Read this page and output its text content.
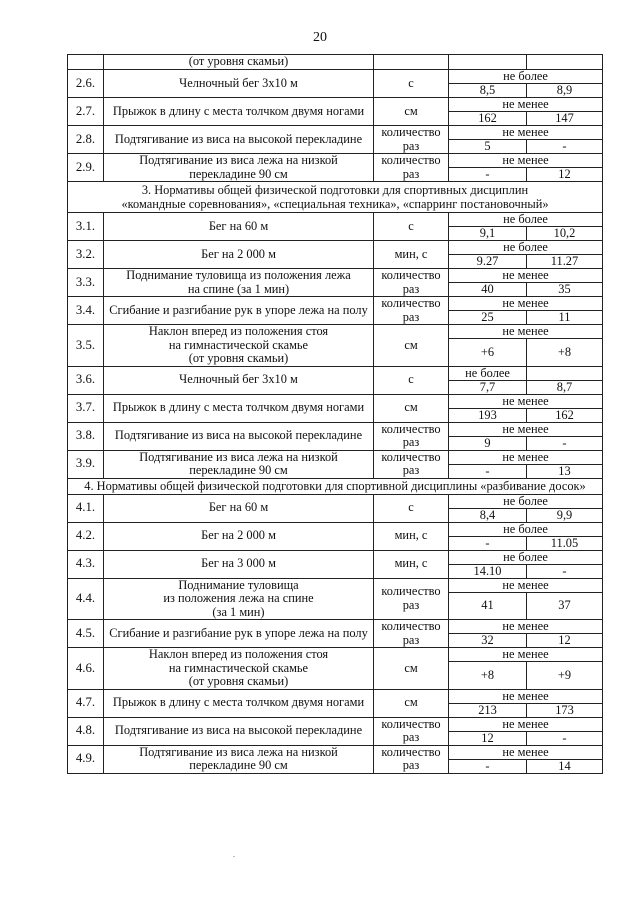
20
	(от уровня скамьи)			
2.6.	Челночный бег 3х10 м	с	не более	
			8,5	8,9
2.7.	Прыжок в длину с места толчком двумя ногами	см	не менее	
			162	147
2.8.	Подтягивание из виса на высокой перекладине	количество
раз	не менее	
			5	-
2.9.	Подтягивание из виса лежа на низкой
перекладине 90 см	количество
раз	не менее	
			-	12

3. Нормативы общей физической подготовки для спортивных дисциплин
«командные соревнования», «специальная техника», «спарринг постановочный»				

3.1.	Бег на 60 м	с	не более	
			9,1	10,2
3.2.	Бег на 2 000 м	мин, с	не более	
			9.27	11.27
3.3.	Поднимание туловища из положения лежа
на спине (за 1 мин)	количество
раз	не менее	
			40	35
3.4.	Сгибание и разгибание рук в упоре лежа на полу	количество
раз	не менее	
			25	11
3.5.	Наклон вперед из положения стоя
на гимнастической скамье
(от уровня скамьи)	см	не менее	
			+6	+8
3.6.	Челночный бег 3х10 м	с	не более	
			7,7	8,7
3.7.	Прыжок в длину с места толчком двумя ногами	см	не менее	
			193	162
3.8.	Подтягивание из виса на высокой перекладине	количество
раз	не менее	
			9	-
3.9.	Подтягивание из виса лежа на низкой
перекладине 90 см	количество
раз	не менее	
			-	13

4. Нормативы общей физической подготовки для спортивной дисциплины «разбивание досок»				

4.1.	Бег на 60 м	с	не более	
			8,4	9,9
4.2.	Бег на 2 000 м	мин, с	не более	
			-	11.05
4.3.	Бег на 3 000 м	мин, с	не более	
			14.10	-
4.4.	Поднимание туловища
из положения лежа на спине
(за 1 мин)	количество
раз	не менее	
			41	37
4.5.	Сгибание и разгибание рук в упоре лежа на полу	количество
раз	не менее	
			32	12
4.6.	Наклон вперед из положения стоя
на гимнастической скамье
(от уровня скамьи)	см	не менее	
			+8	+9
4.7.	Прыжок в длину с места толчком двумя ногами	см	не менее	
			213	173
4.8.	Подтягивание из виса на высокой перекладине	количество
раз	не менее	
			12	-
4.9.	Подтягивание из виса лежа на низкой
перекладине 90 см	количество
раз	не менее	
			-	14
.
